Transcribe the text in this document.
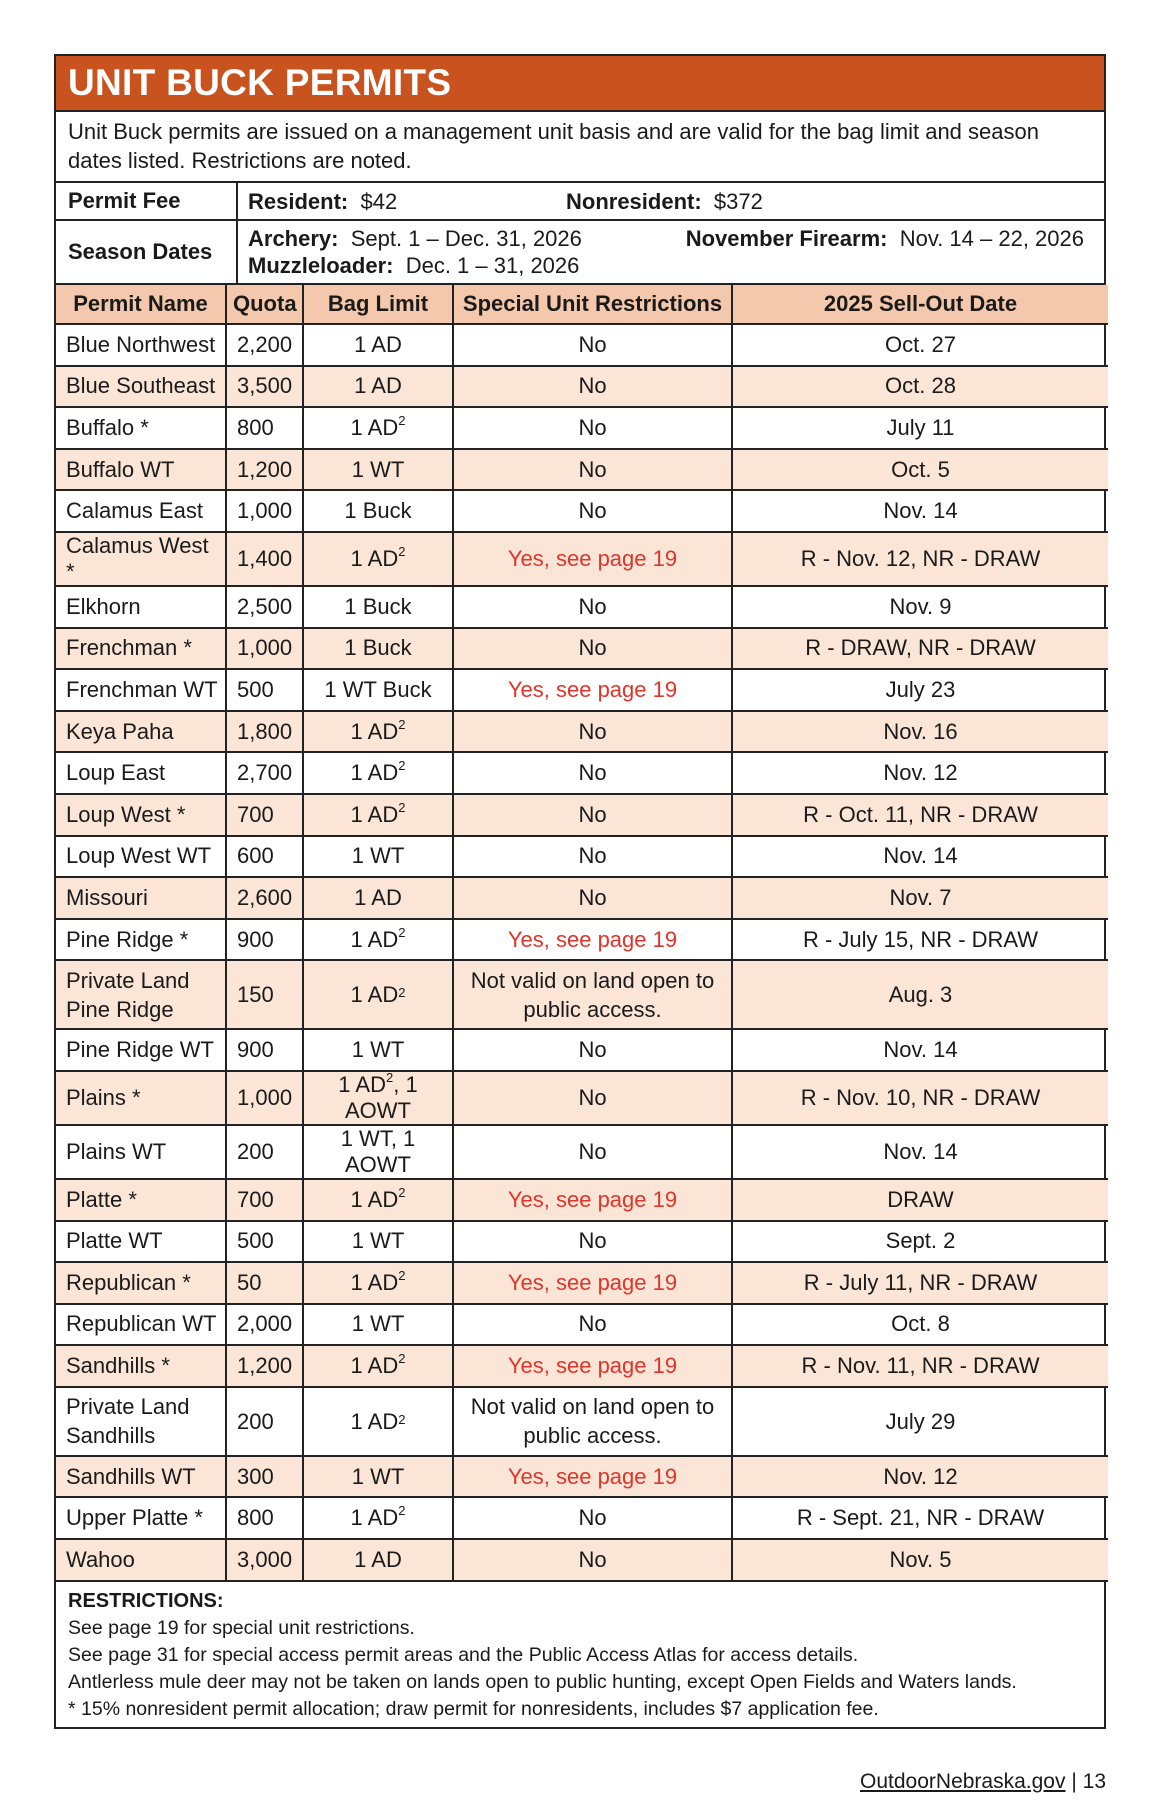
UNIT BUCK PERMITS
Unit Buck permits are issued on a management unit basis and are valid for the bag limit and season dates listed. Restrictions are noted.
Permit Fee	Resident: $42	Nonresident: $372
Season Dates
Archery: Sept. 1 – Dec. 31, 2026
Muzzleloader: Dec. 1 – 31, 2026
November Firearm: Nov. 14 – 22, 2026
Permit Name	Quota	Bag Limit	Special Unit Restrictions	2025 Sell-Out Date
Blue Northwest	2,200	1 AD	No	Oct. 27
Blue Southeast	3,500	1 AD	No	Oct. 28
Buffalo *	800	1 $AD^2$	No	July 11
Buffalo WT	1,200	1 WT	No	Oct. 5
Calamus East	1,000	1 Buck	No	Nov. 14
Calamus West *	1,400	1 $AD^2$	Yes, see page 19	R - Nov. 12, NR - DRAW
Elkhorn	2,500	1 Buck	No	Nov. 9
Frenchman *	1,000	1 Buck	No	R - DRAW, NR - DRAW
Frenchman WT	500	1 WT Buck	Yes, see page 19	July 23
Keya Paha	1,800	1 $AD^2$	No	Nov. 16
Loup East	2,700	1 $AD^2$	No	Nov. 12
Loup West *	700	1 $AD^2$	No	R - Oct. 11, NR - DRAW
Loup West WT	600	1 WT	No	Nov. 14
Missouri	2,600	1 AD	No	Nov. 7
Pine Ridge *	900	1 $AD^2$	Yes, see page 19	R - July 15, NR - DRAW
Private Land Pine Ridge	150	1 $AD^2$	Not valid on land open to public access.	Aug. 3
Pine Ridge WT	900	1 WT	No	Nov. 14
Plains *	1,000	1 $AD^2$, 1 AOWT	No	R - Nov. 10, NR - DRAW
Plains WT	200	1 WT, 1 AOWT	No	Nov. 14
Platte *	700	1 $AD^2$	Yes, see page 19	DRAW
Platte WT	500	1 WT	No	Sept. 2
Republican *	50	1 $AD^2$	Yes, see page 19	R - July 11, NR - DRAW
Republican WT	2,000	1 WT	No	Oct. 8
Sandhills *	1,200	1 $AD^2$	Yes, see page 19	R - Nov. 11, NR - DRAW
Private Land Sandhills	200	1 $AD^2$	Not valid on land open to public access.	July 29
Sandhills WT	300	1 WT	Yes, see page 19	Nov. 12
Upper Platte *	800	1 $AD^2$	No	R - Sept. 21, NR - DRAW
Wahoo	3,000	1 AD	No	Nov. 5
RESTRICTIONS:
See page 19 for special unit restrictions.
See page 31 for special access permit areas and the Public Access Atlas for access details.
Antlerless mule deer may not be taken on lands open to public hunting, except Open Fields and Waters lands.
* 15% nonresident permit allocation; draw permit for nonresidents, includes $7 application fee.
OutdoorNebraska.gov | 13
